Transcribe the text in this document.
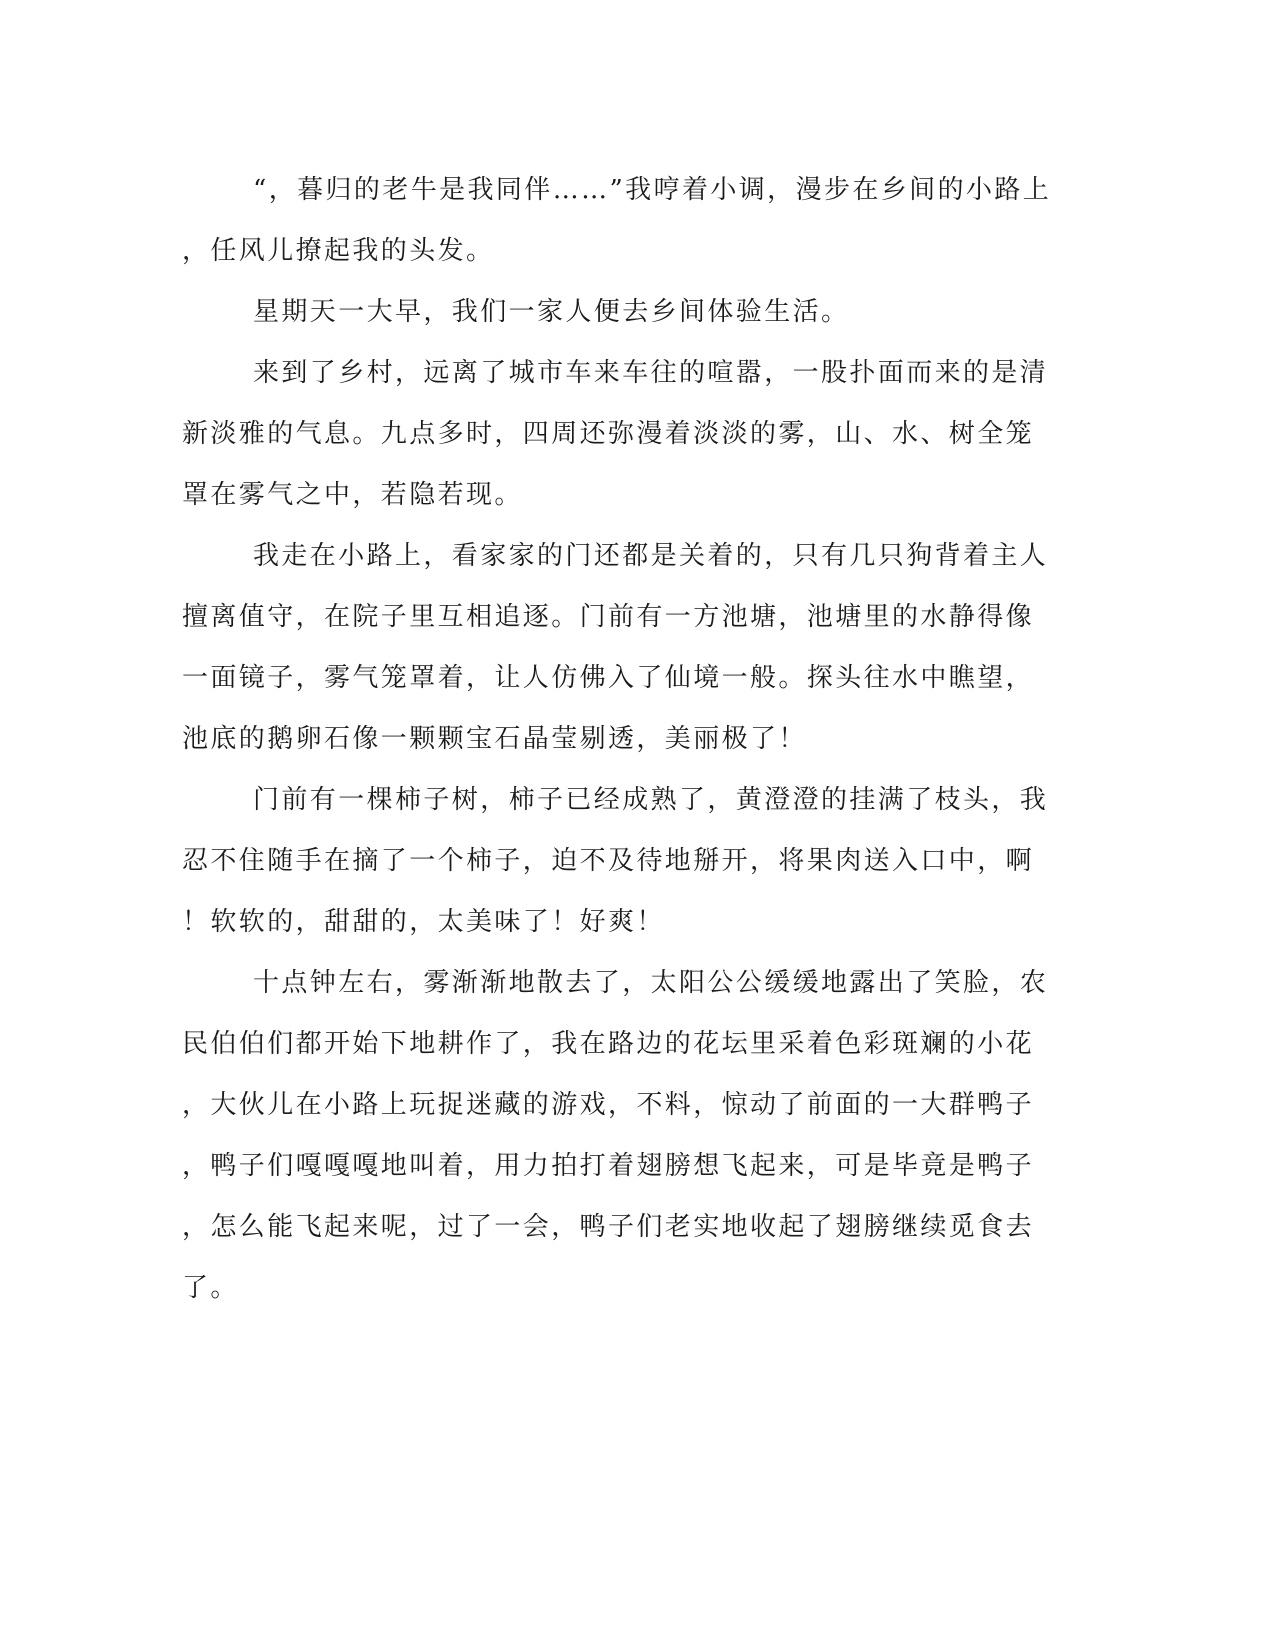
“，暮归的老牛是我同伴……”我哼着小调，漫步在乡间的小路上
，任风儿撩起我的头发。

星期天一大早，我们一家人便去乡间体验生活。

来到了乡村，远离了城市车来车往的喧嚣，一股扑面而来的是清
新淡雅的气息。九点多时，四周还弥漫着淡淡的雾，山、水、树全笼
罩在雾气之中，若隐若现。

我走在小路上，看家家的门还都是关着的，只有几只狗背着主人
擅离值守，在院子里互相追逐。门前有一方池塘，池塘里的水静得像
一面镜子，雾气笼罩着，让人仿佛入了仙境一般。探头往水中瞧望，
池底的鹅卵石像一颗颗宝石晶莹剔透，美丽极了！

门前有一棵柿子树，柿子已经成熟了，黄澄澄的挂满了枝头，我
忍不住随手在摘了一个柿子，迫不及待地掰开，将果肉送入口中，啊
！软软的，甜甜的，太美味了！好爽！

十点钟左右，雾渐渐地散去了，太阳公公缓缓地露出了笑脸，农
民伯伯们都开始下地耕作了，我在路边的花坛里采着色彩斑斓的小花
，大伙儿在小路上玩捉迷藏的游戏，不料，惊动了前面的一大群鸭子
，鸭子们嘎嘎嘎地叫着，用力拍打着翅膀想飞起来，可是毕竟是鸭子
，怎么能飞起来呢，过了一会，鸭子们老实地收起了翅膀继续觅食去
了。
